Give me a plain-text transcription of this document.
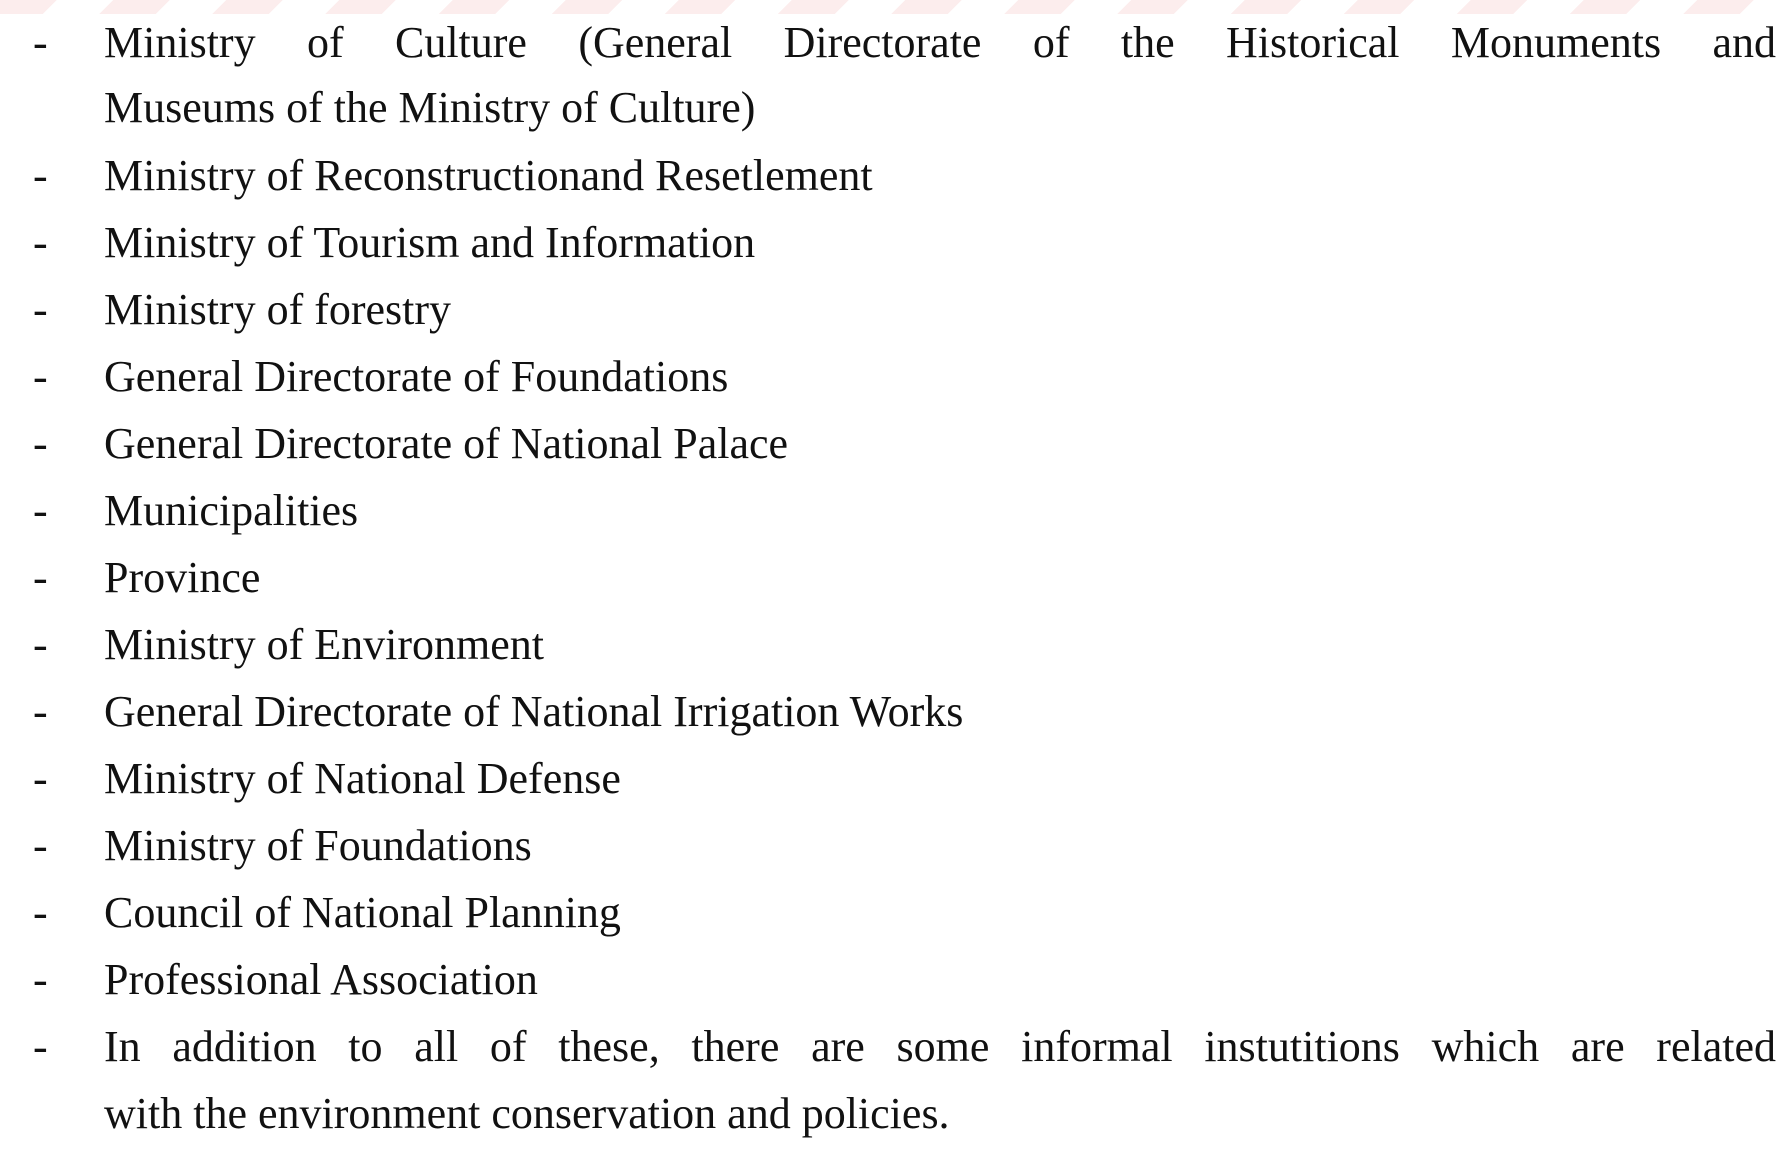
- Ministry of Culture (General Directorate of the Historical Monuments and
Museums of the Ministry of Culture)
- Ministry of Reconstructionand Resetlement
- Ministry of Tourism and Information
- Ministry of forestry
- General Directorate of Foundations
- General Directorate of National Palace
- Municipalities
- Province
- Ministry of Environment
- General Directorate of National Irrigation Works
- Ministry of National Defense
- Ministry of Foundations
- Council of National Planning
- Professional Association
- In addition to all of these, there are some informal instutitions which are related
with the environment conservation and policies.
